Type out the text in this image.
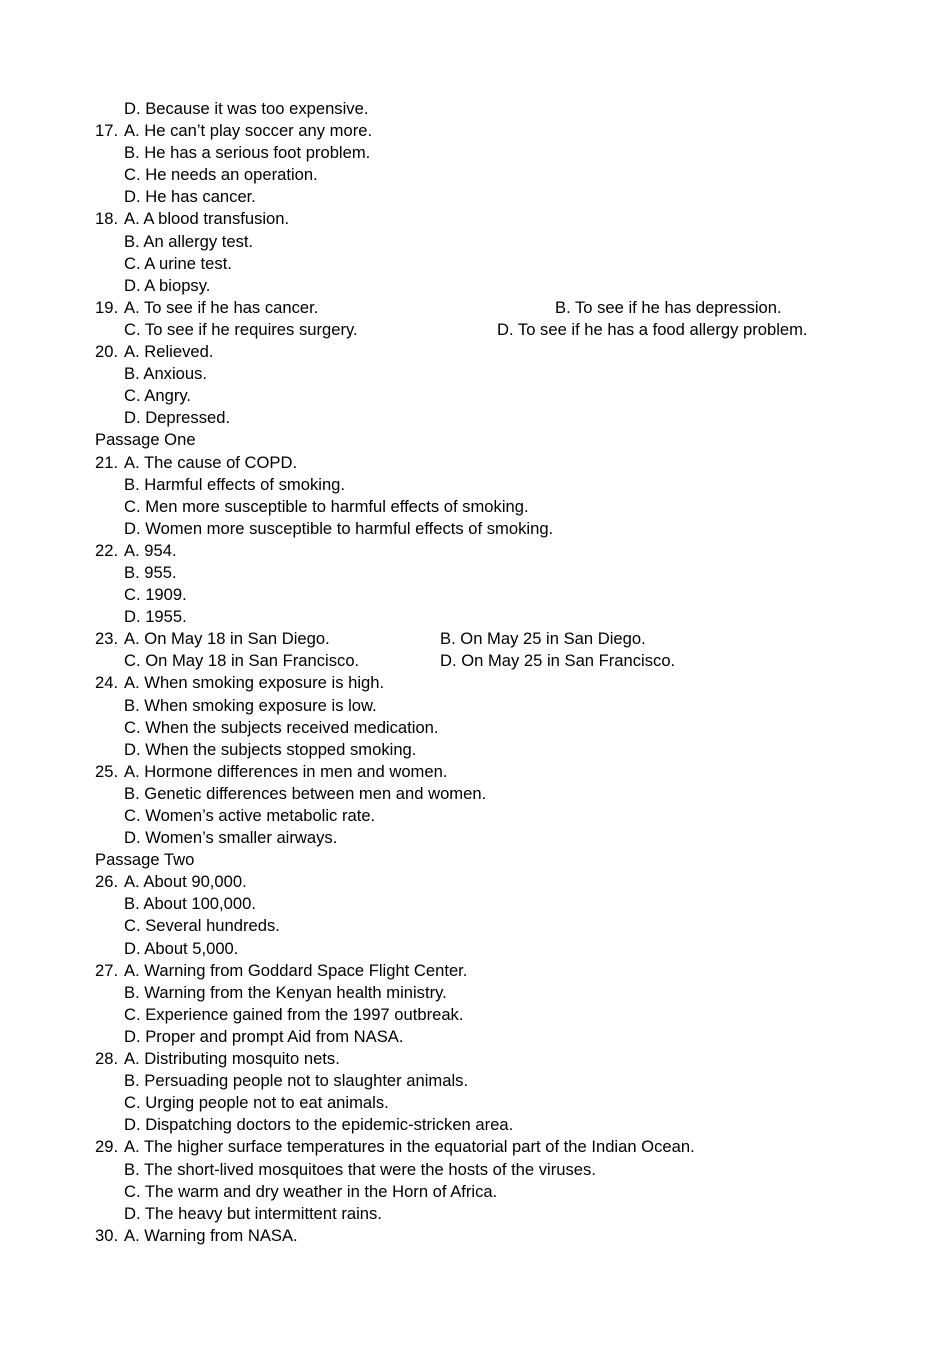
D. Because it was too expensive.
17. A. He can’t play soccer any more.
B. He has a serious foot problem.
C. He needs an operation.
D. He has cancer.
18. A. A blood transfusion.
B. An allergy test.
C. A urine test.
D. A biopsy.
19. A. To see if he has cancer.	B. To see if he has depression.
C. To see if he requires surgery.	D. To see if he has a food allergy problem.
20. A. Relieved.
B. Anxious.
C. Angry.
D. Depressed.
Passage One
21. A. The cause of COPD.
B. Harmful effects of smoking.
C. Men more susceptible to harmful effects of smoking.
D. Women more susceptible to harmful effects of smoking.
22. A. 954.
B. 955.
C. 1909.
D. 1955.
23. A. On May 18 in San Diego.	B. On May 25 in San Diego.
C. On May 18 in San Francisco.	D. On May 25 in San Francisco.
24. A. When smoking exposure is high.
B. When smoking exposure is low.
C. When the subjects received medication.
D. When the subjects stopped smoking.
25. A. Hormone differences in men and women.
B. Genetic differences between men and women.
C. Women’s active metabolic rate.
D. Women’s smaller airways.
Passage Two
26. A. About 90,000.
B. About 100,000.
C. Several hundreds.
D. About 5,000.
27. A. Warning from Goddard Space Flight Center.
B. Warning from the Kenyan health ministry.
C. Experience gained from the 1997 outbreak.
D. Proper and prompt Aid from NASA.
28. A. Distributing mosquito nets.
B. Persuading people not to slaughter animals.
C. Urging people not to eat animals.
D. Dispatching doctors to the epidemic-stricken area.
29. A. The higher surface temperatures in the equatorial part of the Indian Ocean.
B. The short-lived mosquitoes that were the hosts of the viruses.
C. The warm and dry weather in the Horn of Africa.
D. The heavy but intermittent rains.
30. A. Warning from NASA.
